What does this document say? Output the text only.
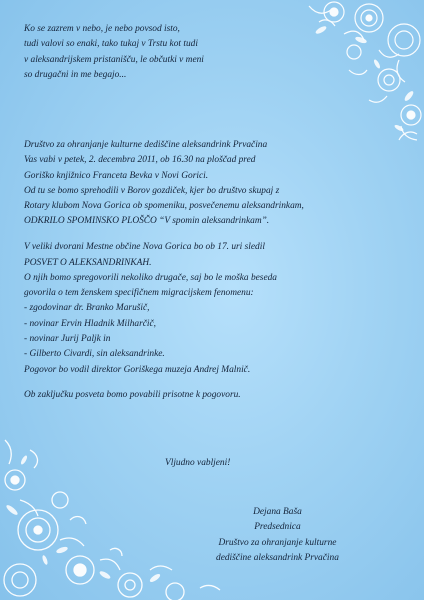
Ko se zazrem v nebo, je nebo povsod isto,
tudi valovi so enaki, tako tukaj v Trstu kot tudi
v aleksandrijskem pristanišču, le občutki v meni
so drugačni in me begajo...
Društvo za ohranjanje kulturne dediščine aleksandrink Prvačina
Vas vabi v petek, 2. decembra 2011, ob 16.30 na ploščad pred
Goriško knjižnico Franceta Bevka v Novi Gorici.
Od tu se bomo sprehodili v Borov gozdiček, kjer bo društvo skupaj z
Rotary klubom Nova Gorica ob spomeniku, posvečenemu aleksandrinkam,
ODKRILO SPOMINSKO PLOŠČO “V spomin aleksandrinkam”.
V veliki dvorani Mestne občine Nova Gorica bo ob 17. uri sledil
POSVET O ALEKSANDRINKAH.
O njih bomo spregovorili nekoliko drugače, saj bo le moška beseda
govorila o tem ženskem specifičnem migracijskem fenomenu:
- zgodovinar dr. Branko Marušič,
- novinar Ervin Hladnik Milharčič,
- novinar Jurij Paljk in
- Gilberto Civardi, sin aleksandrinke.
Pogovor bo vodil direktor Goriškega muzeja Andrej Malnič.
Ob zaključku posveta bomo povabili prisotne k pogovoru.
Vljudno vabljeni!
Dejana Baša
Predsednica
Društvo za ohranjanje kulturne
dediščine aleksandrink Prvačina
